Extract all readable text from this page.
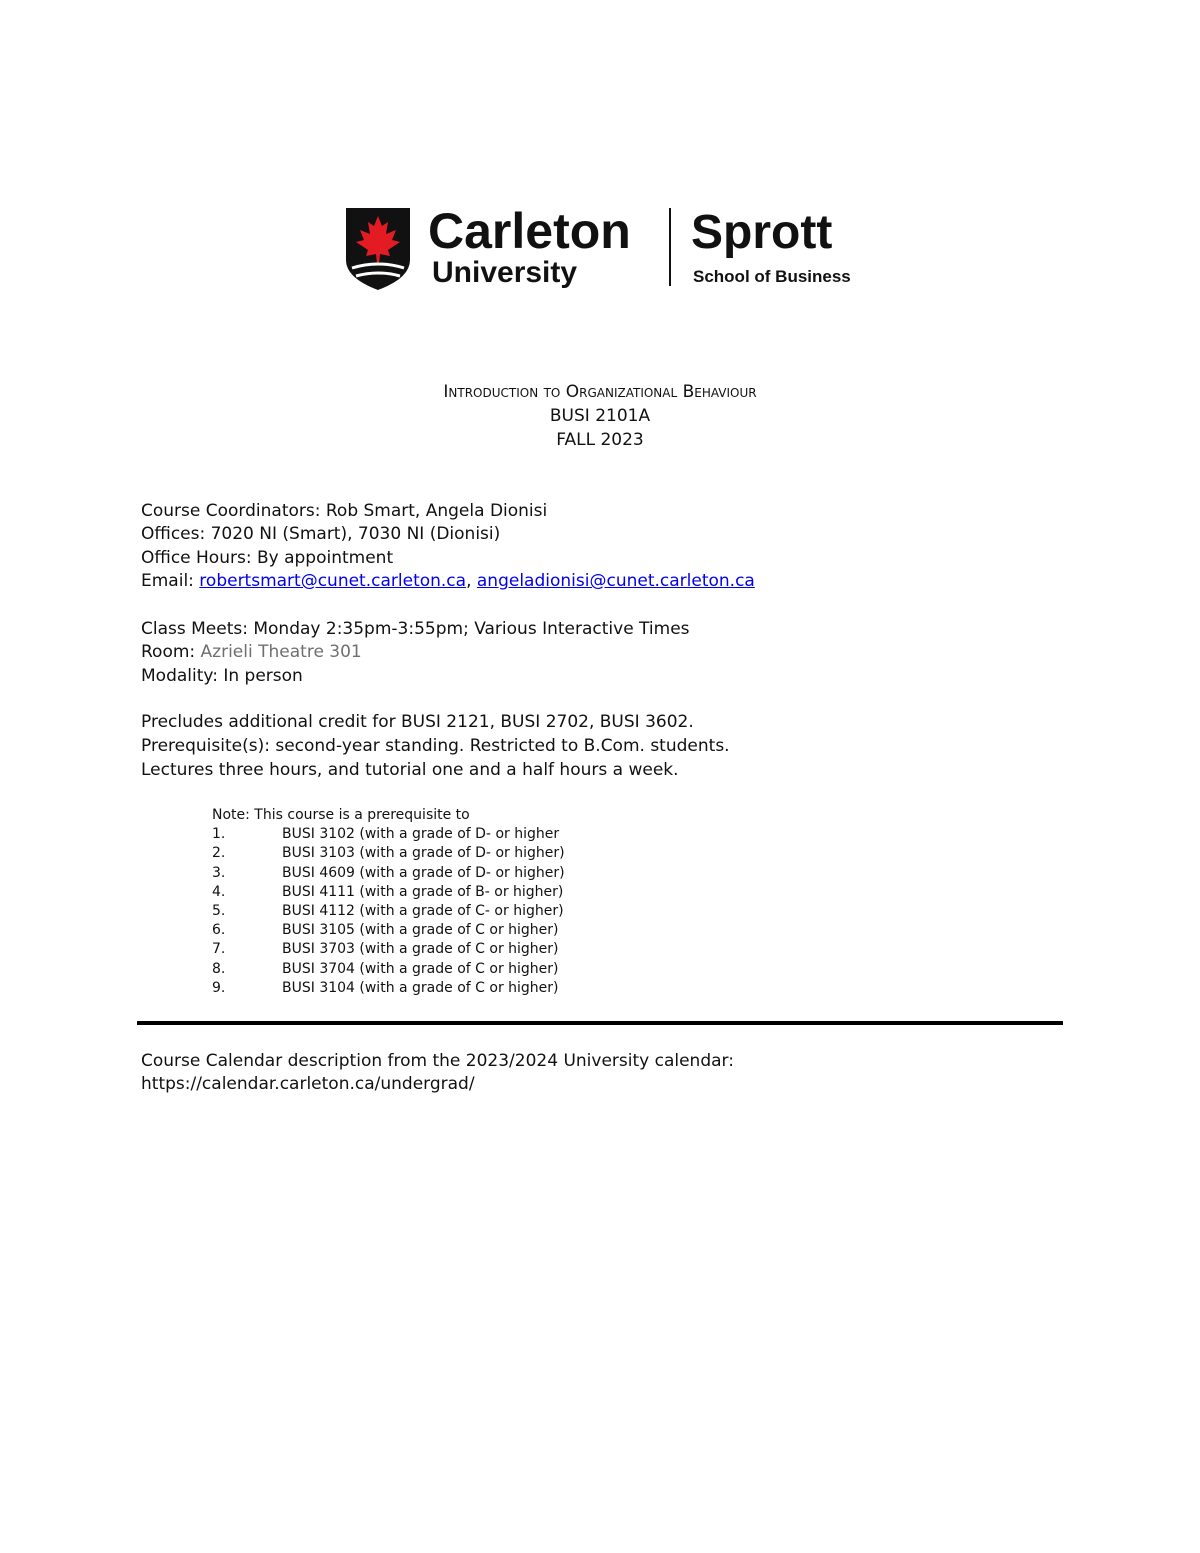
Carleton
University
Sprott
School of Business
Introduction to Organizational Behaviour
BUSI 2101A
FALL 2023
Course Coordinators: Rob Smart, Angela Dionisi
Offices: 7020 NI (Smart), 7030 NI (Dionisi)
Office Hours: By appointment
Email: robertsmart@cunet.carleton.ca, angeladionisi@cunet.carleton.ca
Class Meets: Monday 2:35pm-3:55pm; Various Interactive Times
Room: Azrieli Theatre 301
Modality: In person
Precludes additional credit for BUSI 2121, BUSI 2702, BUSI 3602.
Prerequisite(s): second-year standing. Restricted to B.Com. students.
Lectures three hours, and tutorial one and a half hours a week.
Note: This course is a prerequisite to
1.	BUSI 3102 (with a grade of D- or higher
2.	BUSI 3103 (with a grade of D- or higher)
3.	BUSI 4609 (with a grade of D- or higher)
4.	BUSI 4111 (with a grade of B- or higher)
5.	BUSI 4112 (with a grade of C- or higher)
6.	BUSI 3105 (with a grade of C or higher)
7.	BUSI 3703 (with a grade of C or higher)
8.	BUSI 3704 (with a grade of C or higher)
9.	BUSI 3104 (with a grade of C or higher)
Course Calendar description from the 2023/2024 University calendar:
https://calendar.carleton.ca/undergrad/
